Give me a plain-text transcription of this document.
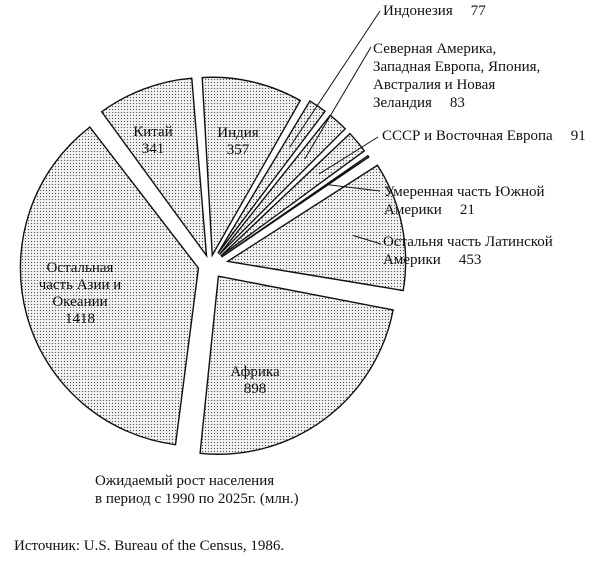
Индия 357
Индонезия 77
Северная Америка, Западная Европа, Япония, Австралия и Новая Зеландия 83
СССР и Восточная Европа 91
Умеренная часть Южной Америки 21
Остальня часть Латинской Америки 453
Африка 898
Остальная часть Азии и Океании 1418
Китай 341
Ожидаемый рост населения
в период с 1990 по 2025г. (млн.)
Источник: U.S. Bureau of the Census, 1986.
